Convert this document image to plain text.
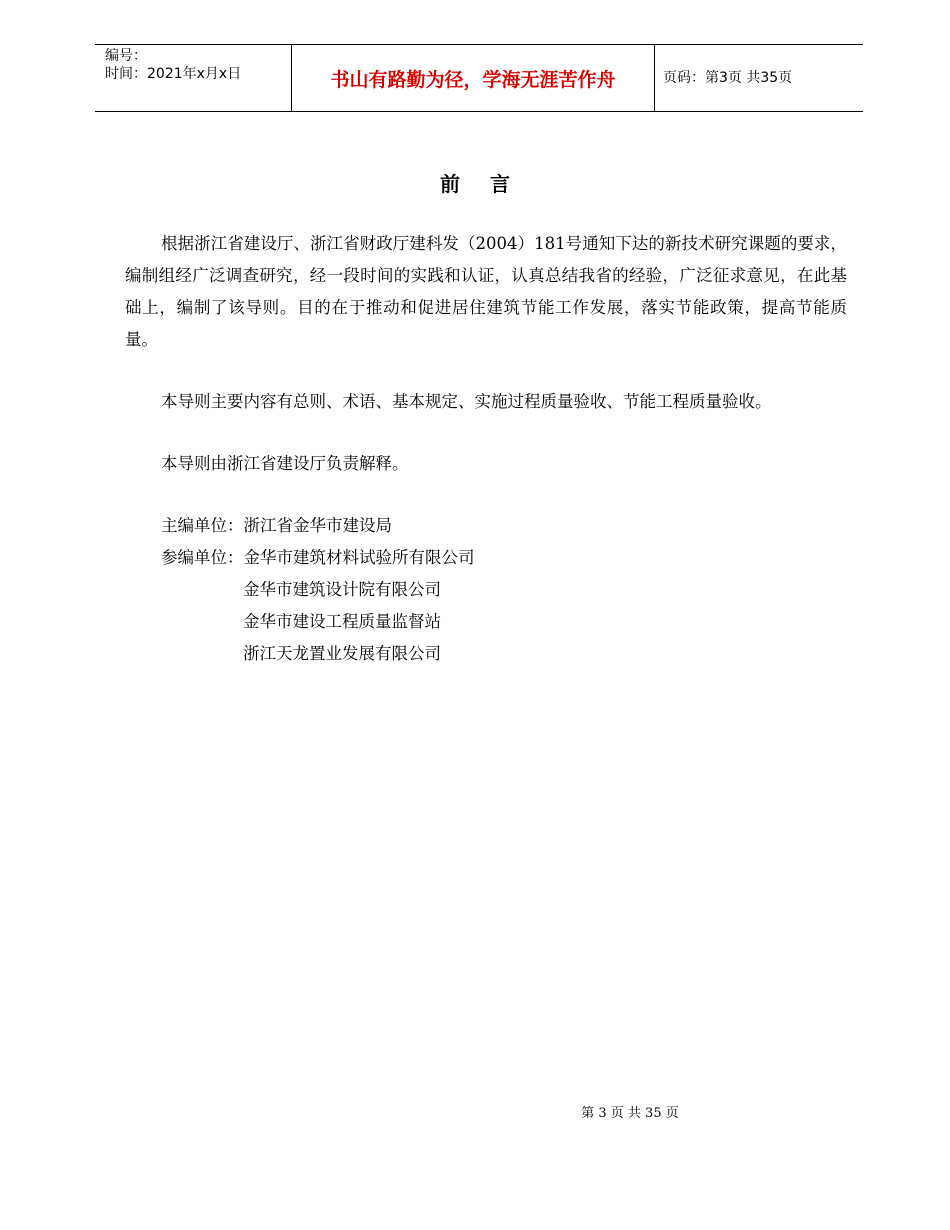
编号：
时间：2021年x月x日	书山有路勤为径，学海无涯苦作舟	页码：第3页 共35页
前言

根据浙江省建设厅、浙江省财政厅建科发（2004）181号通知下达的新技术研究课题的要求，编制组经广泛调查研究，经一段时间的实践和认证，认真总结我省的经验，广泛征求意见，在此基础上，编制了该导则。目的在于推动和促进居住建筑节能工作发展，落实节能政策，提高节能质量。

本导则主要内容有总则、术语、基本规定、实施过程质量验收、节能工程质量验收。

本导则由浙江省建设厅负责解释。

主编单位：浙江省金华市建设局
参编单位：金华市建筑材料试验所有限公司
金华市建筑设计院有限公司
金华市建设工程质量监督站
浙江天龙置业发展有限公司
第 3 页 共 35 页
